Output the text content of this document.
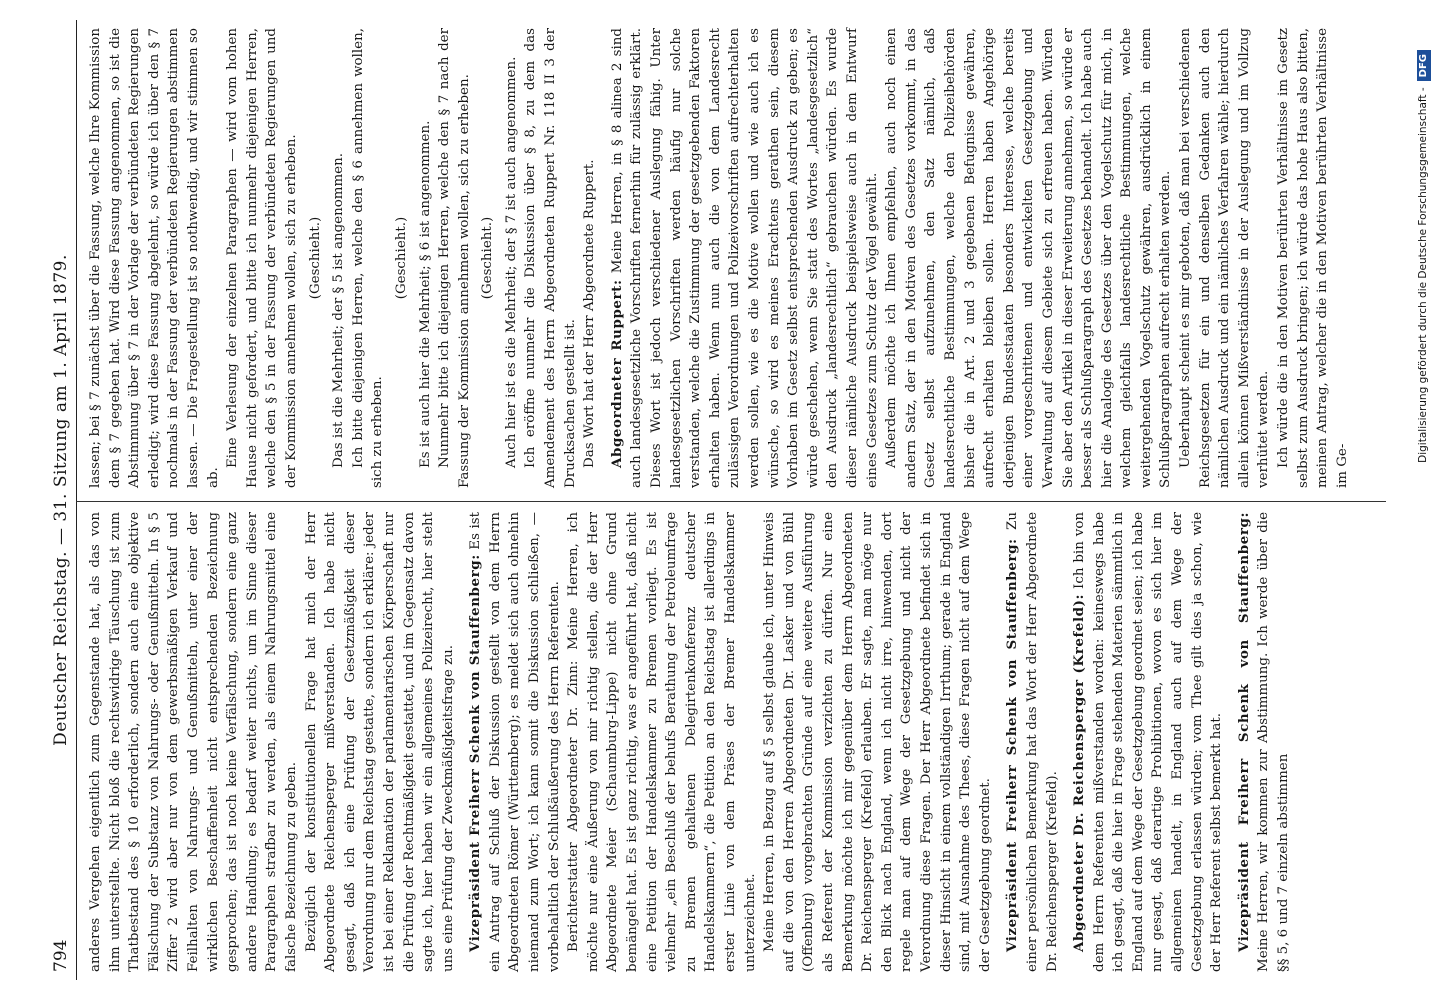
794
Deutscher Reichstag. — 31. Sitzung am 1. April 1879.	anderes Vergehen eigentlich zum Gegenstande hat, als das von ihm unterstellte. Nicht bloß die rechtswidrige Täuschung ist zum Thatbestand des § 10 erforderlich, sondern auch eine objektive Fälschung der Substanz von Nahrungs- oder Genußmitteln. In § 5 Ziffer 2 wird aber nur von dem gewerbsmäßigen Verkauf und Feilhalten von Nahrungs- und Genußmitteln, unter einer der wirklichen Beschaffenheit nicht entsprechenden Bezeichnung gesprochen; das ist noch keine Verfälschung, sondern eine ganz andere Handlung; es bedarf weiter nichts, um im Sinne dieser Paragraphen strafbar zu werden, als einem Nahrungsmittel eine falsche Bezeichnung zu geben. Bezüglich der konstitutionellen Frage hat mich der Herr Abgeordnete Reichensperger mißverstanden. Ich habe nicht gesagt, daß ich eine Prüfung der Gesetzmäßigkeit dieser Verordnung nur dem Reichstag gestatte, sondern ich erkläre: jeder ist bei einer Reklamation der parlamentarischen Körperschaft nur die Prüfung der Rechtmäßigkeit gestattet, und im Gegensatz davon sagte ich, hier haben wir ein allgemeines Polizeirecht, hier steht uns eine Prüfung der Zweckmäßigkeitsfrage zu. Vizepräsident Freiherr Schenk von Stauffenberg: Es ist ein Antrag auf Schluß der Diskussion gestellt von dem Herrn Abgeordneten Römer (Württemberg); es meldet sich auch ohnehin niemand zum Wort; ich kann somit die Diskussion schließen, — vorbehaltlich der Schlußäußerung des Herrn Referenten. Berichterstatter Abgeordneter Dr. Zinn: Meine Herren, ich möchte nur eine Äußerung von mir richtig stellen, die der Herr Abgeordnete Meier (Schaumburg-Lippe) nicht ohne Grund bemängelt hat. Es ist ganz richtig, was er angeführt hat, daß nicht eine Petition der Handelskammer zu Bremen vorliegt. Es ist vielmehr „ein Beschluß der behufs Berathung der Petroleumfrage zu Bremen gehaltenen Delegirtenkonferenz deutscher Handelskammern“, die Petition an den Reichstag ist allerdings in erster Linie von dem Präses der Bremer Handelskammer unterzeichnet. Meine Herren, in Bezug auf § 5 selbst glaube ich, unter Hinweis auf die von den Herren Abgeordneten Dr. Lasker und von Bühl (Offenburg) vorgebrachten Gründe auf eine weitere Ausführung als Referent der Kommission verzichten zu dürfen. Nur eine Bemerkung möchte ich mir gegenüber dem Herrn Abgeordneten Dr. Reichensperger (Krefeld) erlauben. Er sagte, man möge nur den Blick nach England, wenn ich nicht irre, hinwenden, dort regele man auf dem Wege der Gesetzgebung und nicht der Verordnung diese Fragen. Der Herr Abgeordnete befindet sich in dieser Hinsicht in einem vollständigen Irrthum; gerade in England sind, mit Ausnahme des Thees, diese Fragen nicht auf dem Wege der Gesetzgebung geordnet. Vizepräsident Freiherr Schenk von Stauffenberg: Zu einer persönlichen Bemerkung hat das Wort der Herr Abgeordnete Dr. Reichensperger (Krefeld). Abgeordneter Dr. Reichensperger (Krefeld): Ich bin von dem Herrn Referenten mißverstanden worden: keineswegs habe ich gesagt, daß die hier in Frage stehenden Materien sämmtlich in England auf dem Wege der Gesetzgebung geordnet seien; ich habe nur gesagt, daß derartige Prohibitionen, wovon es sich hier im allgemeinen handelt, in England auch auf dem Wege der Gesetzgebung erlassen würden; vom Thee gilt dies ja schon, wie der Herr Referent selbst bemerkt hat. Vizepräsident Freiherr Schenk von Stauffenberg: Meine Herren, wir kommen zur Abstimmung. Ich werde über die §§ 5, 6 und 7 einzeln abstimmen

lassen; bei § 7 zunächst über die Fassung, welche Ihre Kommission dem § 7 gegeben hat. Wird diese Fassung angenommen, so ist die Abstimmung über § 7 in der Vorlage der verbündeten Regierungen erledigt; wird diese Fassung abgelehnt, so würde ich über den § 7 nochmals in der Fassung der verbündeten Regierungen abstimmen lassen. — Die Fragestellung ist so nothwendig, und wir stimmen so ab.

Eine Verlesung der einzelnen Paragraphen — wird vom hohen Hause nicht gefordert, und bitte ich nunmehr diejenigen Herren, welche den § 5 in der Fassung der verbündeten Regierungen und der Kommission annehmen wollen, sich zu erheben. (Geschieht.) Das ist die Mehrheit; der § 5 ist angenommen. Ich bitte diejenigen Herren, welche den § 6 annehmen wollen, sich zu erheben.

(Geschieht.) Es ist auch hier die Mehrheit; § 6 ist angenommen. Nunmehr bitte ich diejenigen Herren, welche den § 7 nach der Fassung der Kommission annehmen wollen, sich zu erheben. (Geschieht.) Auch hier ist es die Mehrheit; der § 7 ist auch angenommen. Ich eröffne nunmehr die Diskussion über § 8, zu dem das Amendement des Herrn Abgeordneten Ruppert Nr. 118 II 3 der Drucksachen gestellt ist. Das Wort hat der Herr Abgeordnete Ruppert. Abgeordneter Ruppert: Meine Herren, in § 8 alinea 2 sind auch landesgesetzliche Vorschriften fernerhin für zulässig erklärt. Dieses Wort ist jedoch verschiedener Auslegung fähig. Unter landesgesetzlichen Vorschriften werden häufig nur solche verstanden, welche die Zustimmung der gesetzgebenden Faktoren erhalten haben. Wenn nun auch die von dem Landesrecht zulässigen Verordnungen und Polizeivorschriften aufrechterhalten werden sollen, wie es die Motive wollen und wie auch ich es wünsche, so wird es meines Erachtens gerathen sein, diesem Vorhaben im Gesetz selbst entsprechenden Ausdruck zu geben; es würde geschehen, wenn Sie statt des Wortes „landesgesetzlich“ den Ausdruck „landesrechtlich“ gebrauchen würden. Es wurde dieser nämliche Ausdruck beispielsweise auch in dem Entwurf eines Gesetzes zum Schutz der Vögel gewählt. Außerdem möchte ich Ihnen empfehlen, auch noch einen andern Satz, der in den Motiven des Gesetzes vorkommt, in das Gesetz selbst aufzunehmen, den Satz nämlich, daß landesrechtliche Bestimmungen, welche den Polizeibehörden bisher die in Art. 2 und 3 gegebenen Befugnisse gewähren, aufrecht erhalten bleiben sollen. Herren haben Angehörige derjenigen Bundesstaaten besonders Interesse, welche bereits einer vorgeschrittenen und entwickelten Gesetzgebung und Verwaltung auf diesem Gebiete sich zu erfreuen haben. Würden Sie aber den Artikel in dieser Erweiterung annehmen, so würde er besser als Schlußparagraph des Gesetzes behandelt. Ich habe auch hier die Analogie des Gesetzes über den Vogelschutz für mich, in welchem gleichfalls landesrechtliche Bestimmungen, welche weitergehenden Vogelschutz gewähren, ausdrücklich in einem Schlußparagraphen aufrecht erhalten werden. Ueberhaupt scheint es mir geboten, daß man bei verschiedenen Reichsgesetzen für ein und denselben Gedanken auch den nämlichen Ausdruck und ein nämliches Verfahren wähle; hierdurch allein können Mißverständnisse in der Auslegung und im Vollzug verhütet werden. Ich würde die in den Motiven berührten Verhältnisse im Gesetz selbst zum Ausdruck bringen; ich würde das hohe Haus also bitten, meinen Antrag, welcher die in den Motiven berührten Verhältnisse im Ge-

Digitalisierung gefördert durch die Deutsche Forschungsgemeinschaft -DFG
